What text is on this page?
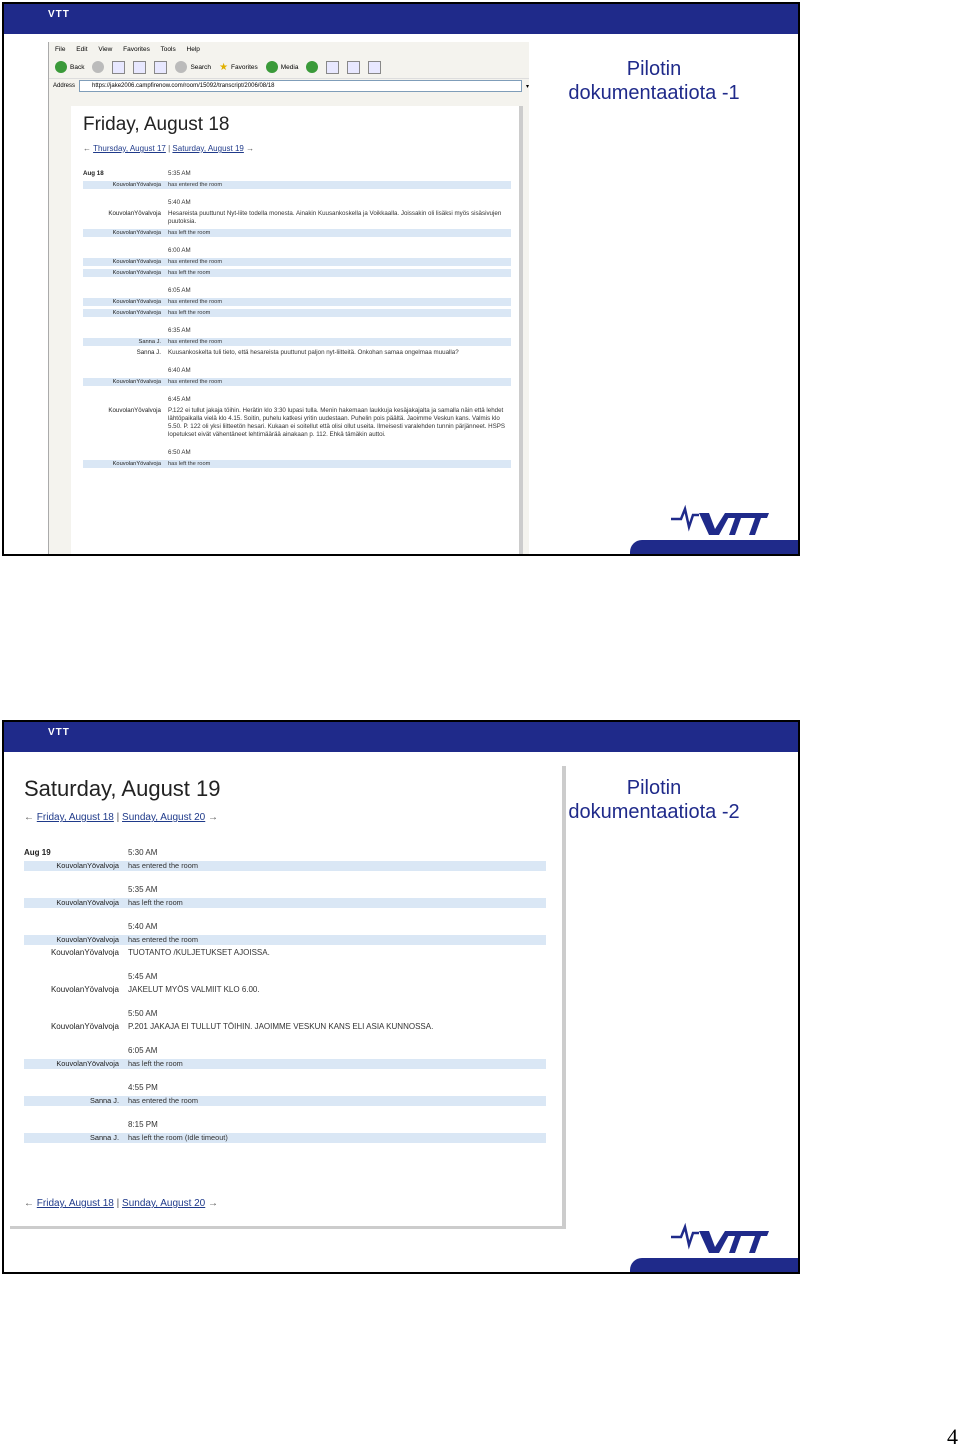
VTT
File Edit View Favorites Tools Help
Back	Search ★ Favorites	Media
Address	https://jake2006.campfirenow.com/room/15092/transcript/2006/08/18	▾
Friday, August 18
← Thursday, August 17 | Saturday, August 19 →
Aug 18	5:35 AM
KouvolanYövalvoja	has entered the room
5:40 AM
KouvolanYövalvoja	Hesareista puuttunut Nyt-liite todella monesta. Ainakin Kuusankoskella ja Voikkaalla. Joissakin oli lisäksi myös sisäsivujen puutoksia.
KouvolanYövalvoja	has left the room
6:00 AM
KouvolanYövalvoja	has entered the room
KouvolanYövalvoja	has left the room
6:05 AM
KouvolanYövalvoja	has entered the room
KouvolanYövalvoja	has left the room
6:35 AM
Sanna J.	has entered the room
Sanna J.	Kuusankoskelta tuli tieto, että hesareista puuttunut paljon nyt-liitteitä. Onkohan samaa ongelmaa muualla?
6:40 AM
KouvolanYövalvoja	has entered the room
6:45 AM
KouvolanYövalvoja	P.122 ei tullut jakaja töihin. Herätin klo 3:30 lupasi tulla. Menin hakemaan laukkuja kesäjakajalta ja samalla näin että lehdet lähtöpaikalla vielä klo 4.15. Soitin, puhelu katkesi yritin uudestaan. Puhelin pois päältä. Jaoimme Veskun kans. Valmis klo 5.50. P. 122 oli yksi liitteetön hesari. Kukaan ei soitellut että olisi ollut useita. Ilmeisesti varalehden tunnin pärjänneet. HSPS lopetukset eivät vähentäneet lehtimäärää ainakaan p. 112. Ehkä tämäkin auttoi.
6:50 AM
KouvolanYövalvoja	has left the room
Pilotin
dokumentaatiota -1
VTT
Saturday, August 19
← Friday, August 18 | Sunday, August 20 →
Aug 19	5:30 AM
KouvolanYövalvoja	has entered the room
5:35 AM
KouvolanYövalvoja	has left the room
5:40 AM
KouvolanYövalvoja	has entered the room
KouvolanYövalvoja	TUOTANTO /KULJETUKSET AJOISSA.
5:45 AM
KouvolanYövalvoja	JAKELUT MYÖS VALMIIT KLO 6.00.
5:50 AM
KouvolanYövalvoja	P.201 JAKAJA EI TULLUT TÖIHIN. JAOIMME VESKUN KANS ELI ASIA KUNNOSSA.
6:05 AM
KouvolanYövalvoja	has left the room
4:55 PM
Sanna J.	has entered the room
8:15 PM
Sanna J.	has left the room (Idle timeout)
← Friday, August 18 | Sunday, August 20 →
Pilotin
dokumentaatiota -2
4
